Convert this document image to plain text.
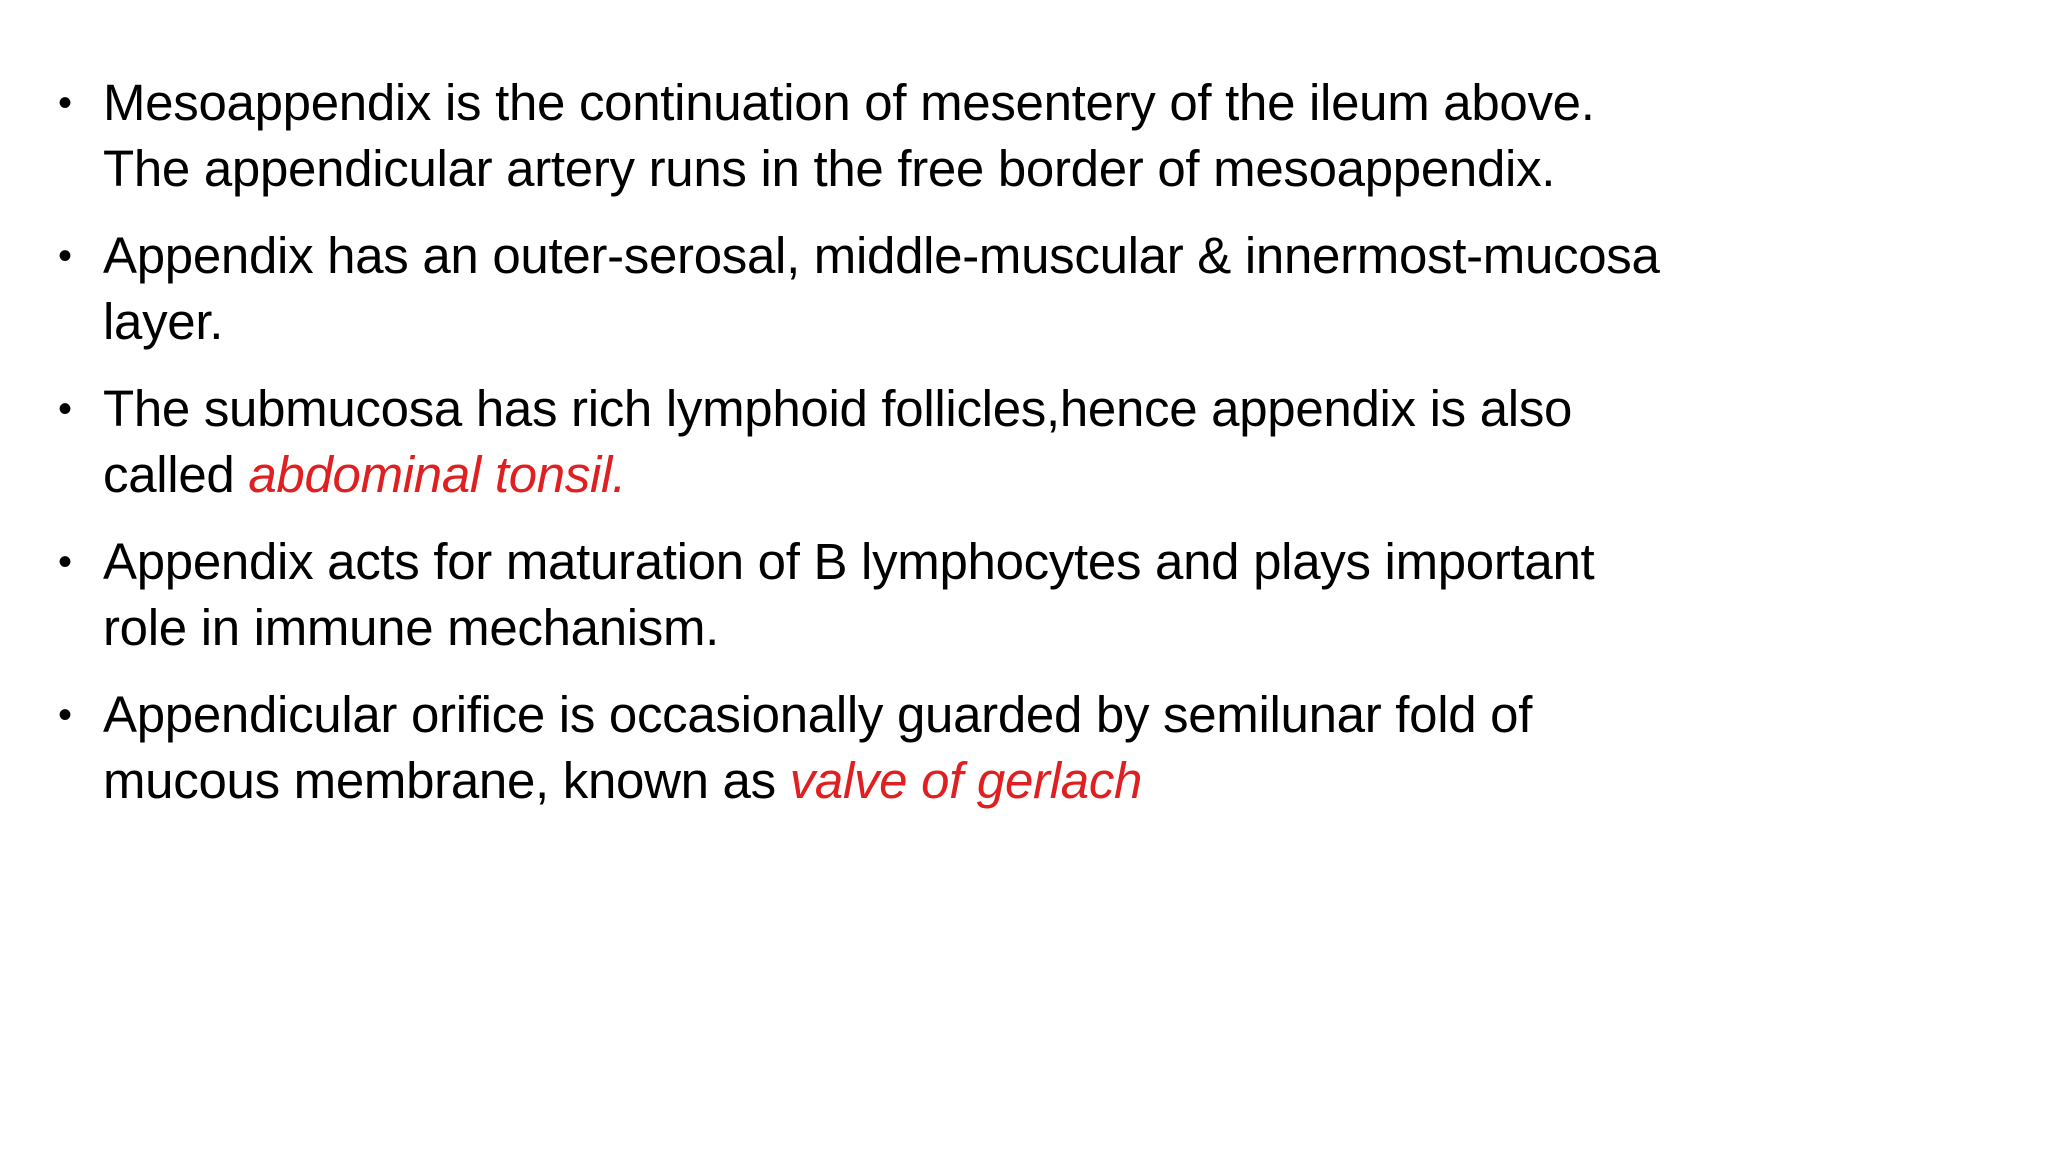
• Mesoappendix is the continuation of mesentery of the ileum above.
The appendicular artery runs in the free border of mesoappendix.
• Appendix has an outer-serosal, middle-muscular & innermost-mucosa
layer.
• The submucosa has rich lymphoid follicles,hence appendix is also
called abdominal tonsil.
• Appendix acts for maturation of B lymphocytes and plays important
role in immune mechanism.
• Appendicular orifice is occasionally guarded by semilunar fold of
mucous membrane, known as valve of gerlach
